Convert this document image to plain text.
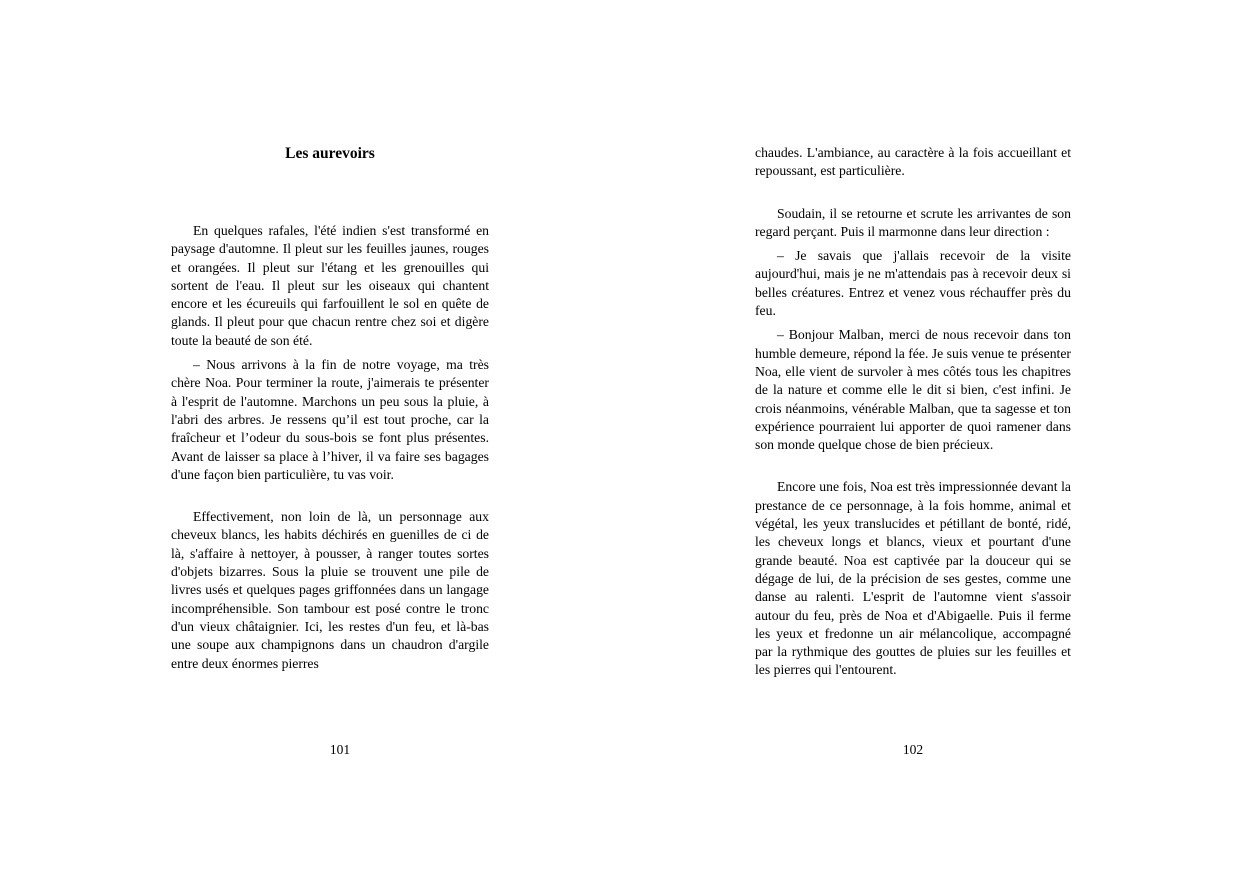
Les aurevoirs

En quelques rafales, l'été indien s'est transformé en paysage d'automne. Il pleut sur les feuilles jaunes, rouges et orangées. Il pleut sur l'étang et les grenouilles qui sortent de l'eau. Il pleut sur les oiseaux qui chantent encore et les écureuils qui farfouillent le sol en quête de glands. Il pleut pour que chacun rentre chez soi et digère toute la beauté de son été.

– Nous arrivons à la fin de notre voyage, ma très chère Noa. Pour terminer la route, j'aimerais te présenter à l'esprit de l'automne. Marchons un peu sous la pluie, à l'abri des arbres. Je ressens qu’il est tout proche, car la fraîcheur et l’odeur du sous-bois se font plus présentes. Avant de laisser sa place à l’hiver, il va faire ses bagages d'une façon bien particulière, tu vas voir.

Effectivement, non loin de là, un personnage aux cheveux blancs, les habits déchirés en guenilles de ci de là, s'affaire à nettoyer, à pousser, à ranger toutes sortes d'objets bizarres. Sous la pluie se trouvent une pile de livres usés et quelques pages griffonnées dans un langage incompréhensible. Son tambour est posé contre le tronc d'un vieux châtaignier. Ici, les restes d'un feu, et là-bas une soupe aux champignons dans un chaudron d'argile entre deux énormes pierres

chaudes. L'ambiance, au caractère à la fois accueillant et repoussant, est particulière.

Soudain, il se retourne et scrute les arrivantes de son regard perçant. Puis il marmonne dans leur direction :

– Je savais que j'allais recevoir de la visite aujourd'hui, mais je ne m'attendais pas à recevoir deux si belles créatures. Entrez et venez vous réchauffer près du feu.

– Bonjour Malban, merci de nous recevoir dans ton humble demeure, répond la fée. Je suis venue te présenter Noa, elle vient de survoler à mes côtés tous les chapitres de la nature et comme elle le dit si bien, c'est infini. Je crois néanmoins, vénérable Malban, que ta sagesse et ton expérience pourraient lui apporter de quoi ramener dans son monde quelque chose de bien précieux.

Encore une fois, Noa est très impressionnée devant la prestance de ce personnage, à la fois homme, animal et végétal, les yeux translucides et pétillant de bonté, ridé, les cheveux longs et blancs, vieux et pourtant d'une grande beauté. Noa est captivée par la douceur qui se dégage de lui, de la précision de ses gestes, comme une danse au ralenti. L'esprit de l'automne vient s'assoir autour du feu, près de Noa et d'Abigaelle. Puis il ferme les yeux et fredonne un air mélancolique, accompagné par la rythmique des gouttes de pluies sur les feuilles et les pierres qui l'entourent.

101	102
